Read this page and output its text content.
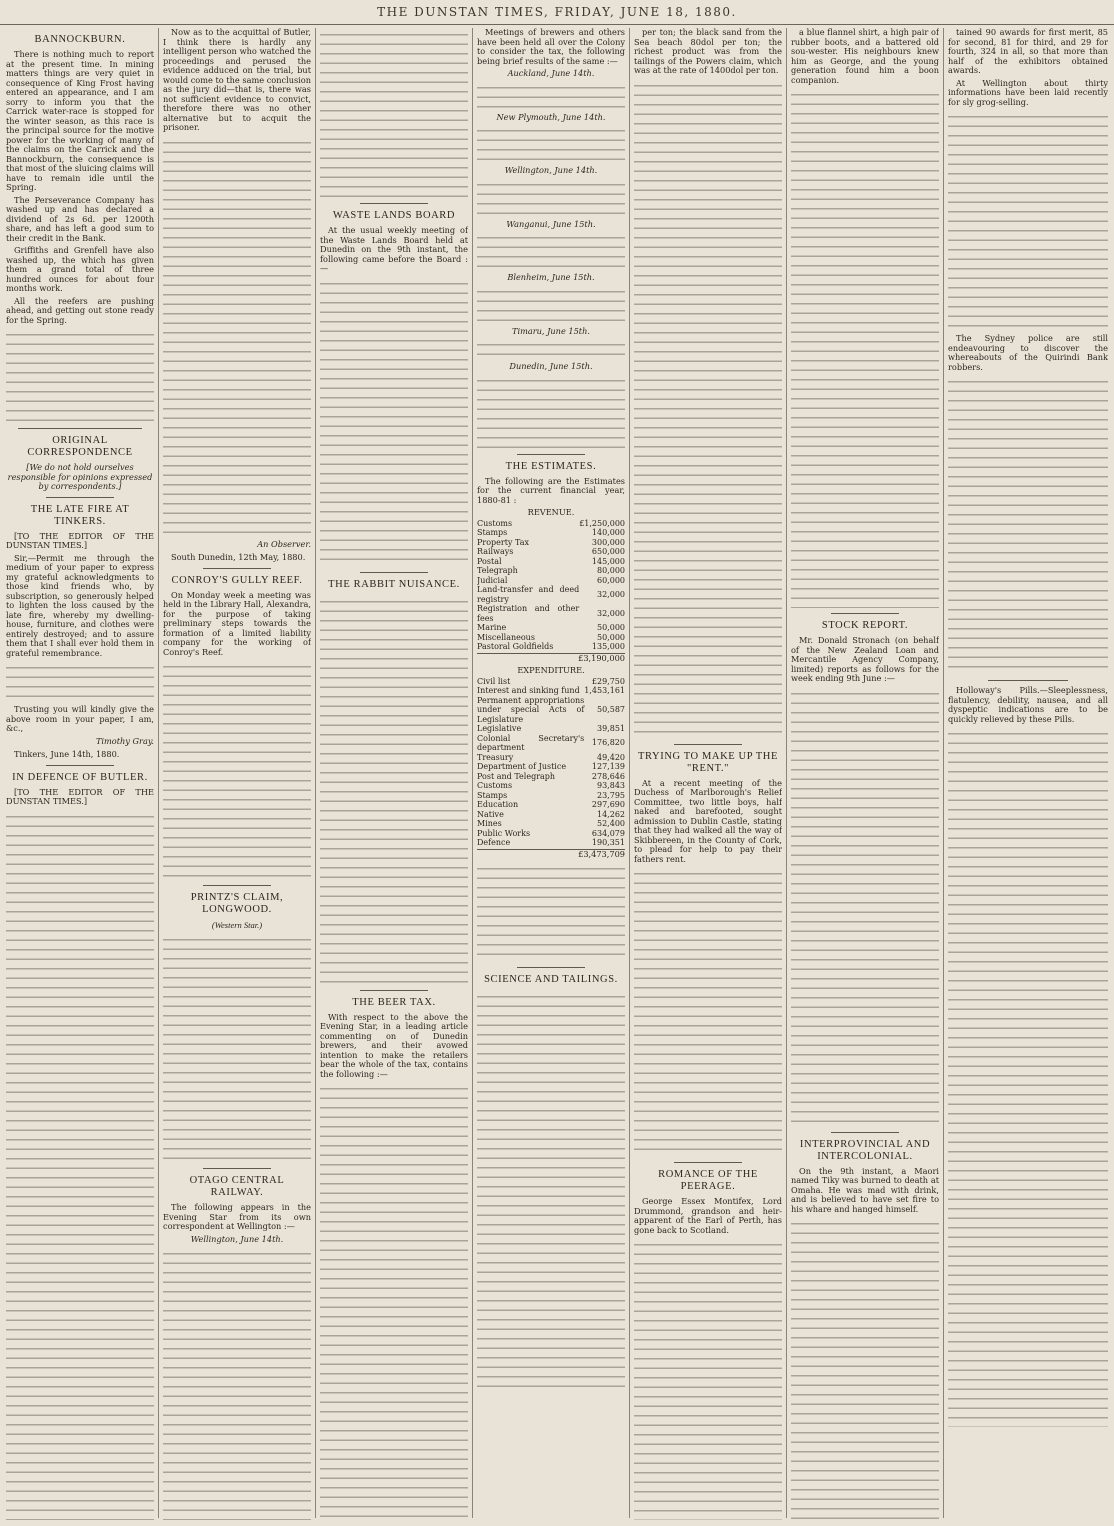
THE DUNSTAN TIMES, FRIDAY, JUNE 18, 1880.
BANNOCKBURN.

There is nothing much to report at the present time. In mining matters things are very quiet in consequence of King Frost having entered an appearance, and I am sorry to inform you that the Carrick water-race is stopped for the winter season, as this race is the principal source for the motive power for the working of many of the claims on the Carrick and the Bannockburn, the consequence is that most of the sluicing claims will have to remain idle until the Spring.

The Perseverance Company has washed up and has declared a dividend of 2s 6d. per 1200th share, and has left a good sum to their credit in the Bank.

Griffiths and Grenfell have also washed up, the which has given them a grand total of three hundred ounces for about four months work.

All the reefers are pushing ahead, and getting out stone ready for the Spring.

ORIGINAL CORRESPONDENCE

[We do not hold ourselves responsible for opinions expressed by correspondents.]

THE LATE FIRE AT TINKERS.

[TO THE EDITOR OF THE DUNSTAN TIMES.]

Sir,—Permit me through the medium of your paper to express my grateful acknowledgments to those kind friends who, by subscription, so generously helped to lighten the loss caused by the late fire, whereby my dwelling-house, furniture, and clothes were entirely destroyed; and to assure them that I shall ever hold them in grateful remembrance.

Trusting you will kindly give the above room in your paper, I am, &c.,

Timothy Gray.

Tinkers, June 14th, 1880.

IN DEFENCE OF BUTLER.

[TO THE EDITOR OF THE DUNSTAN TIMES.]

Now as to the acquittal of Butler, I think there is hardly any intelligent person who watched the proceedings and perused the evidence adduced on the trial, but would come to the same conclusion as the jury did—that is, there was not sufficient evidence to convict, therefore there was no other alternative but to acquit the prisoner.

An Observer.

South Dunedin, 12th May, 1880.

CONROY'S GULLY REEF.

On Monday week a meeting was held in the Library Hall, Alexandra, for the purpose of taking preliminary steps towards the formation of a limited liability company for the working of Conroy's Reef.

PRINTZ'S CLAIM, LONGWOOD.
(Western Star.)
OTAGO CENTRAL RAILWAY.

The following appears in the Evening Star from its own correspondent at Wellington :—

Wellington, June 14th.

WASTE LANDS BOARD

At the usual weekly meeting of the Waste Lands Board held at Dunedin on the 9th instant, the following came before the Board :—

THE RABBIT NUISANCE.
THE BEER TAX.

With respect to the above the Evening Star, in a leading article commenting on of Dunedin brewers, and their avowed intention to make the retailers bear the whole of the tax, contains the following :—

Meetings of brewers and others have been held all over the Colony to consider the tax, the following being brief results of the same :—

Auckland, June 14th.

New Plymouth, June 14th.

Wellington, June 14th.

Wanganui, June 15th.

Blenheim, June 15th.

Timaru, June 15th.

Dunedin, June 15th.

THE ESTIMATES.

The following are the Estimates for the current financial year, 1880-81 :

REVENUE.

Customs	£1,250,000
Stamps	140,000
Property Tax	300,000
Railways	650,000
Postal	145,000
Telegraph	80,000
Judicial	60,000
Land-transfer and deed registry	32,000
Registration and other fees	32,000
Marine	50,000
Miscellaneous	50,000
Pastoral Goldfields	135,000

£3,190,000

EXPENDITURE.

Civil list	£29,750
Interest and sinking fund	1,453,161
Permanent appropriations under special Acts of Legislature	50,587
Legislative	39,851
Colonial Secretary's department	176,820
Treasury	49,420
Department of Justice	127,139
Post and Telegraph	278,646
Customs	93,843
Stamps	23,795
Education	297,690
Native	14,262
Mines	52,400
Public Works	634,079
Defence	190,351

£3,473,709

SCIENCE AND TAILINGS.

per ton; the black sand from the Sea beach 80dol per ton; the richest product was from the tailings of the Powers claim, which was at the rate of 1400dol per ton.

TRYING TO MAKE UP THE "RENT."

At a recent meeting of the Duchess of Marlborough's Relief Committee, two little boys, half naked and barefooted, sought admission to Dublin Castle, stating that they had walked all the way of Skibbereen, in the County of Cork, to plead for help to pay their fathers rent.

ROMANCE OF THE PEERAGE.

George Essex Montifex, Lord Drummond, grandson and heir-apparent of the Earl of Perth, has gone back to Scotland.

a blue flannel shirt, a high pair of rubber boots, and a battered old sou-wester. His neighbours knew him as George, and the young generation found him a boon companion.

STOCK REPORT.

Mr. Donald Stronach (on behalf of the New Zealand Loan and Mercantile Agency Company, limited) reports as follows for the week ending 9th June :—

INTERPROVINCIAL AND INTERCOLONIAL.

On the 9th instant, a Maori named Tiky was burned to death at Omaha. He was mad with drink, and is believed to have set fire to his whare and hanged himself.

tained 90 awards for first merit, 85 for second, 81 for third, and 29 for fourth, 324 in all, so that more than half of the exhibitors obtained awards.

At Wellington about thirty informations have been laid recently for sly grog-selling.

The Sydney police are still endeavouring to discover the whereabouts of the Quirindi Bank robbers.

Holloway's Pills.—Sleeplessness, flatulency, debility, nausea, and all dyspeptic indications are to be quickly relieved by these Pills.
